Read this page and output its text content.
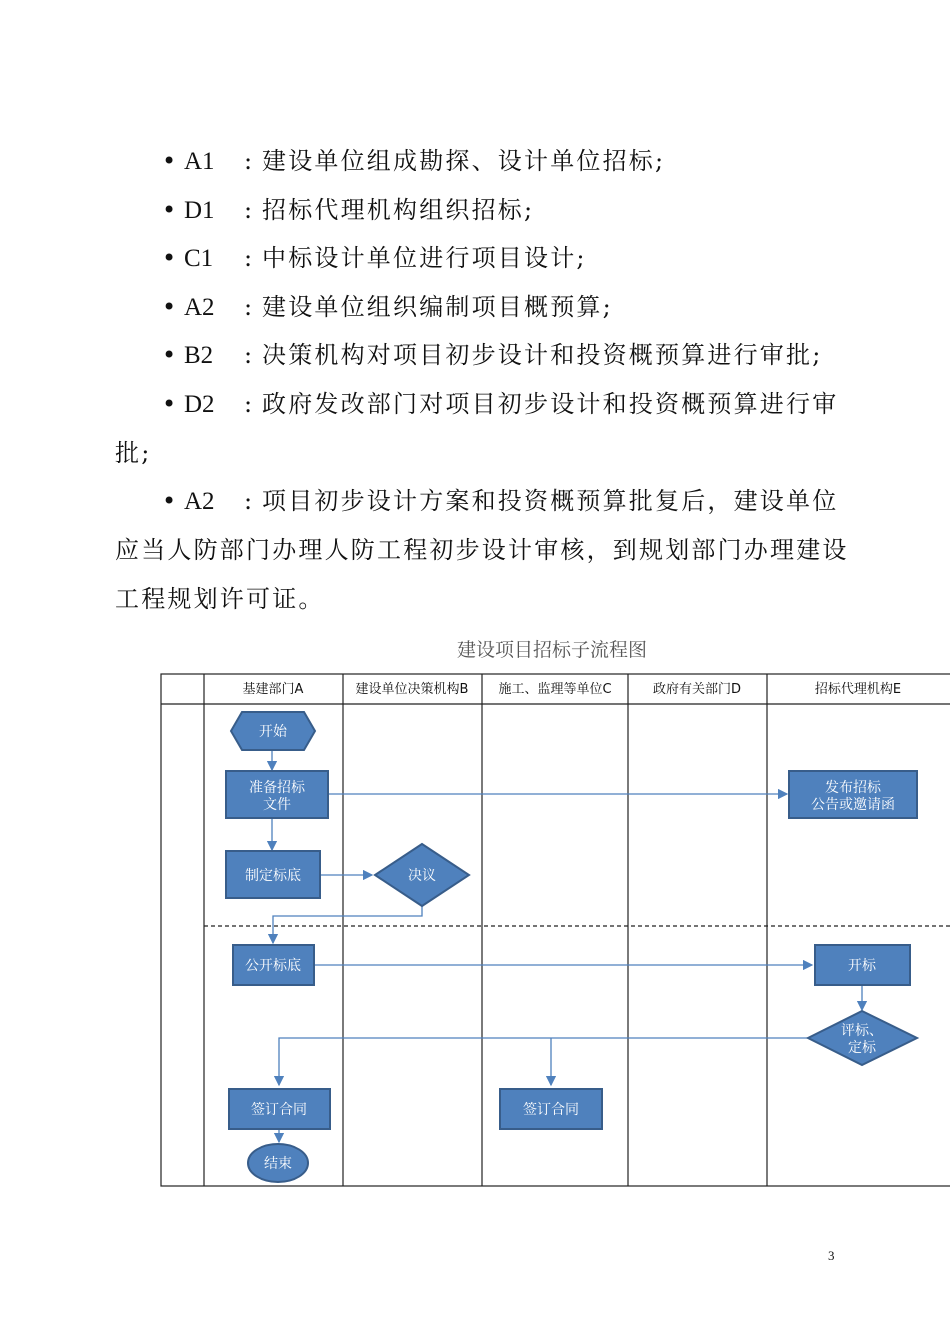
• A1 : 建设单位组成勘探、设计单位招标;
• D1 : 招标代理机构组织招标;
• C1 : 中标设计单位进行项目设计;
• A2 : 建设单位组织编制项目概预算;
• B2 : 决策机构对项目初步设计和投资概预算进行审批;
• D2 : 政府发改部门对项目初步设计和投资概预算进行审
批;
• A2 : 项目初步设计方案和投资概预算批复后，建设单位
应当人防部门办理人防工程初步设计审核，到规划部门办理建设
工程规划许可证。
建设项目招标子流程图
基建部门A	建设单位决策机构B 施工、监理等单位C	政府有关部门D	招标代理机构E
开始
准备招标
文件
发布招标
公告或邀请函
制定标底	决议
公开标底	开标
评标、
定标
签订合同	签订合同
结束
3
